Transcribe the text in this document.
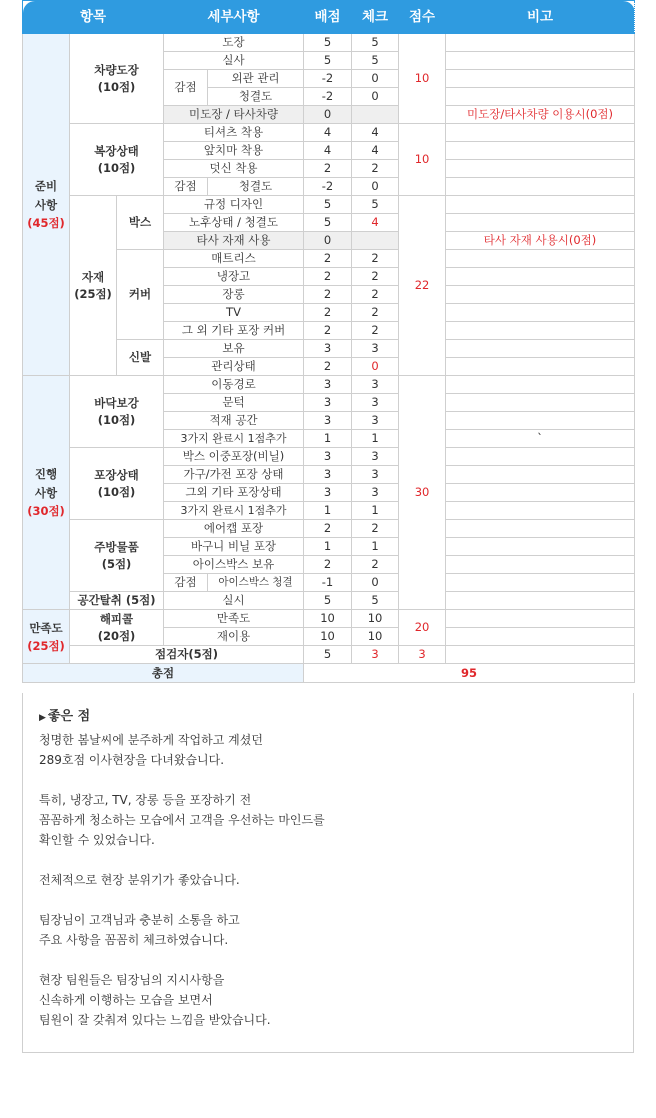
항목			세부사항		배점	체크	점수	비고

준비
사항
(45점)	차량도장
(10점)		도장		5	5	10	
			실사		5	5		
			감점	외관 관리	-2	0		
				청결도	-2	0		
			미도장 / 타사차량		0			미도장/타사차량 이용시(0점)
	복장상태
(10점)		티셔츠 착용		4	4	10	
			앞치마 착용		4	4		
			덧신 착용		2	2		
			감점	청결도	-2	0		
	자재
(25점)	박스	규정 디자인		5	5	22	
			노후상태 / 청결도		5	4		
			타사 자재 사용		0			타사 자재 사용시(0점)
		커버	매트리스		2	2		
			냉장고		2	2		
			장롱		2	2		
			TV		2	2		
			그 외 기타 포장 커버		2	2		
		신발	보유		3	3		
			관리상태		2	0		

진행
사항
(30점)	바닥보강
(10점)		이동경로		3	3	30	
			문턱		3	3		
			적재 공간		3	3		
			3가지 완료시 1점추가		1	1		`
	포장상태
(10점)		박스 이중포장(비닐)		3	3		
			가구/가전 포장 상태		3	3		
			그외 기타 포장상태		3	3		
			3가지 완료시 1점추가		1	1		
	주방물품
(5점)		에어캡 포장		2	2		
			바구니 비닐 포장		1	1		
			아이스박스 보유		2	2		
			감점	아이스박스 청결	-1	0		
	공간탈취 (5점)		실시		5	5		

만족도
(25점)	해피콜
(20점)		만족도		10	10	20	
			재이용		10	10		
	점검자(5점)				5	3	3	
총점					95			
▶ 좋은 점

청명한 봄날씨에 분주하게 작업하고 계셨던
289호점 이사현장을 다녀왔습니다.

특히, 냉장고, TV, 장롱 등을 포장하기 전
꼼꼼하게 청소하는 모습에서 고객을 우선하는 마인드를
확인할 수 있었습니다.

전체적으로 현장 분위기가 좋았습니다.

팀장님이 고객님과 충분히 소통을 하고
주요 사항을 꼼꼼히 체크하였습니다.

현장 팀원들은 팀장님의 지시사항을
신속하게 이행하는 모습을 보면서
팀원이 잘 갖춰져 있다는 느낌을 받았습니다.
